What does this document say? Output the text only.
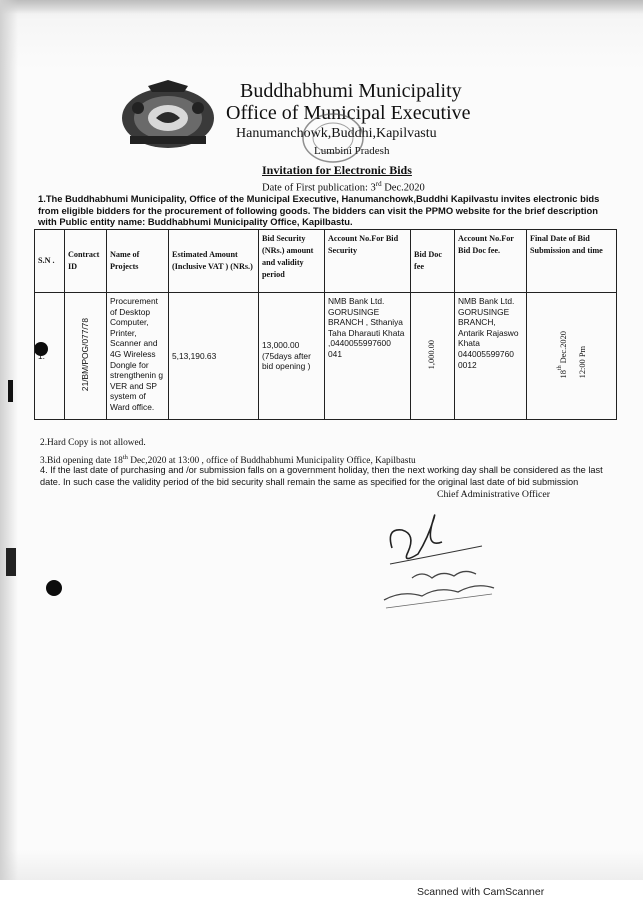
Buddhabhumi Municipality
Office of Municipal Executive
Hanumanchowk,Buddhi,Kapilvastu
Lumbini Pradesh
Invitation for Electronic Bids
Date of First publication: 3rd Dec.2020
1.The Buddhabhumi Municipality, Office of the Municipal Executive, Hanumanchowk,Buddhi Kapilvastu invites electronic bids from eligible bidders for the procurement of following goods. The bidders can visit the PPMO website for the brief description with Public entity name: Buddhabhumi Municipality Office, Kapilbastu.
S.N .	Contract ID	Name of Projects	Estimated Amount (Inclusive VAT ) (NRs.)	Bid Security (NRs.) amount and validity period	Account No.For Bid Security	Bid Doc fee	Account No.For Bid Doc fee.	Final Date of Bid Submission and time
1.	21/BM/POG/077/78	Procurement of Desktop Computer, Printer, Scanner and 4G Wireless Dongle for strengthenin g VER and SP system of Ward office.	5,13,190.63	13,000.00 (75days after bid opening )	NMB Bank Ltd. GORUSINGE BRANCH , Sthaniya Taha Dharauti Khata ,0440055997600 041	1,000.00	NMB Bank Ltd. GORUSINGE BRANCH, Antarik Rajaswo Khata 044005599760 0012	18th Dec.2020 12:00 Pm
2.Hard Copy is not allowed.
3.Bid opening date 18th Dec,2020 at 13:00 , office of Buddhabhumi Municipality Office, Kapilbastu
4. If the last date of purchasing and /or submission falls on a government holiday, then the next working day shall be considered as the last date. In such case the validity period of the bid security shall remain the same as specified for the original last date of bid submission
Chief Administrative Officer
Scanned with CamScanner
